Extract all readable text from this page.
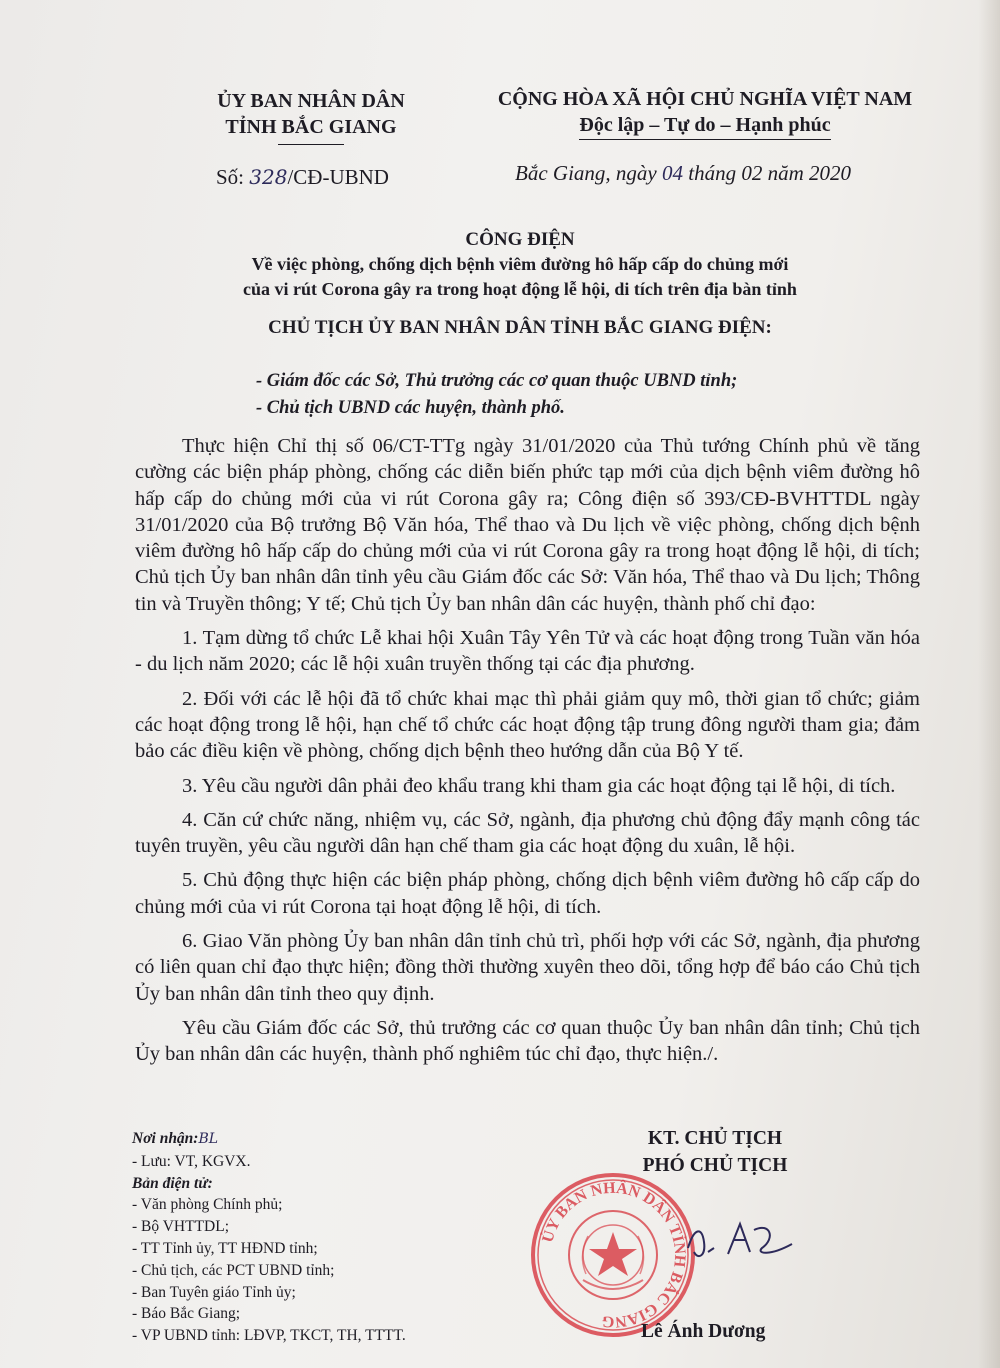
ỦY BAN NHÂN DÂN
TỈNH BẮC GIANG
CỘNG HÒA XÃ HỘI CHỦ NGHĨA VIỆT NAM
Độc lập – Tự do – Hạnh phúc
Số: 328/CĐ-UBND	Bắc Giang, ngày 04 tháng 02 năm 2020
CÔNG ĐIỆN
Về việc phòng, chống dịch bệnh viêm đường hô hấp cấp do chủng mới
của vi rút Corona gây ra trong hoạt động lễ hội, di tích trên địa bàn tỉnh
CHỦ TỊCH ỦY BAN NHÂN DÂN TỈNH BẮC GIANG ĐIỆN:
- Giám đốc các Sở, Thủ trưởng các cơ quan thuộc UBND tỉnh;
- Chủ tịch UBND các huyện, thành phố.

Thực hiện Chỉ thị số 06/CT-TTg ngày 31/01/2020 của Thủ tướng Chính phủ về tăng cường các biện pháp phòng, chống các diễn biến phức tạp mới của dịch bệnh viêm đường hô hấp cấp do chủng mới của vi rút Corona gây ra; Công điện số 393/CĐ-BVHTTDL ngày 31/01/2020 của Bộ trưởng Bộ Văn hóa, Thể thao và Du lịch về việc phòng, chống dịch bệnh viêm đường hô hấp cấp do chủng mới của vi rút Corona gây ra trong hoạt động lễ hội, di tích; Chủ tịch Ủy ban nhân dân tỉnh yêu cầu Giám đốc các Sở: Văn hóa, Thể thao và Du lịch; Thông tin và Truyền thông; Y tế; Chủ tịch Ủy ban nhân dân các huyện, thành phố chỉ đạo:

1. Tạm dừng tổ chức Lễ khai hội Xuân Tây Yên Tử và các hoạt động trong Tuần văn hóa - du lịch năm 2020; các lễ hội xuân truyền thống tại các địa phương.

2. Đối với các lễ hội đã tổ chức khai mạc thì phải giảm quy mô, thời gian tổ chức; giảm các hoạt động trong lễ hội, hạn chế tổ chức các hoạt động tập trung đông người tham gia; đảm bảo các điều kiện về phòng, chống dịch bệnh theo hướng dẫn của Bộ Y tế.

3. Yêu cầu người dân phải đeo khẩu trang khi tham gia các hoạt động tại lễ hội, di tích.

4. Căn cứ chức năng, nhiệm vụ, các Sở, ngành, địa phương chủ động đẩy mạnh công tác tuyên truyền, yêu cầu người dân hạn chế tham gia các hoạt động du xuân, lễ hội.

5. Chủ động thực hiện các biện pháp phòng, chống dịch bệnh viêm đường hô cấp cấp do chủng mới của vi rút Corona tại hoạt động lễ hội, di tích.

6. Giao Văn phòng Ủy ban nhân dân tỉnh chủ trì, phối hợp với các Sở, ngành, địa phương có liên quan chỉ đạo thực hiện; đồng thời thường xuyên theo dõi, tổng hợp để báo cáo Chủ tịch Ủy ban nhân dân tỉnh theo quy định.

Yêu cầu Giám đốc các Sở, thủ trưởng các cơ quan thuộc Ủy ban nhân dân tỉnh; Chủ tịch Ủy ban nhân dân các huyện, thành phố nghiêm túc chỉ đạo, thực hiện./.

Nơi nhận:BL
- Lưu: VT, KGVX.
Bản điện tử:
- Văn phòng Chính phủ;
- Bộ VHTTDL;
- TT Tỉnh ủy, TT HĐND tỉnh;
- Chủ tịch, các PCT UBND tỉnh;
- Ban Tuyên giáo Tỉnh ủy;
- Báo Bắc Giang;
- VP UBND tỉnh: LĐVP, TKCT, TH, TTTT.
KT. CHỦ TỊCH
PHÓ CHỦ TỊCH
ỦY BAN NHÂN DÂN TỈNH BẮC GIANG	Lê Ánh Dương
